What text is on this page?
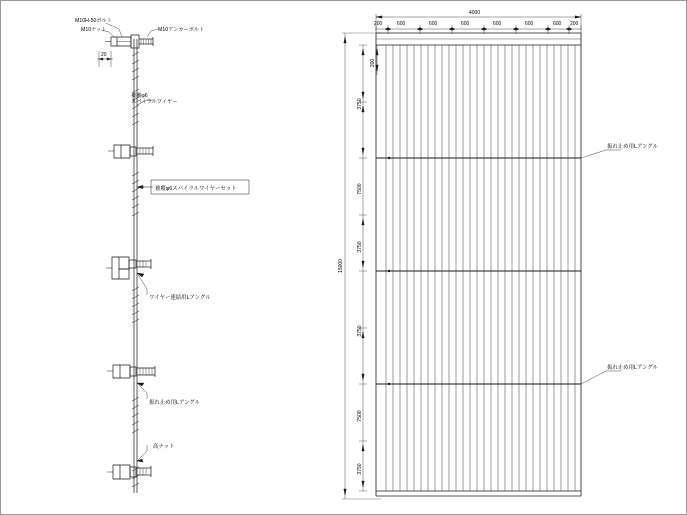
20
M10H-50ボルト
M10ナット	M10アンカーボルト
被覆φ6
スパイラルワイヤー
被覆φ6スパイラルワイヤーセット
ワイヤー連結用Lアングル
振れ止め用Lアングル
高ナット
4000
200	600	600	600	600	600	600 200
振れ止め用Lアングル
振れ止め用Lアングル
3750
7500
3750
3750
7500
3750
200
15000
